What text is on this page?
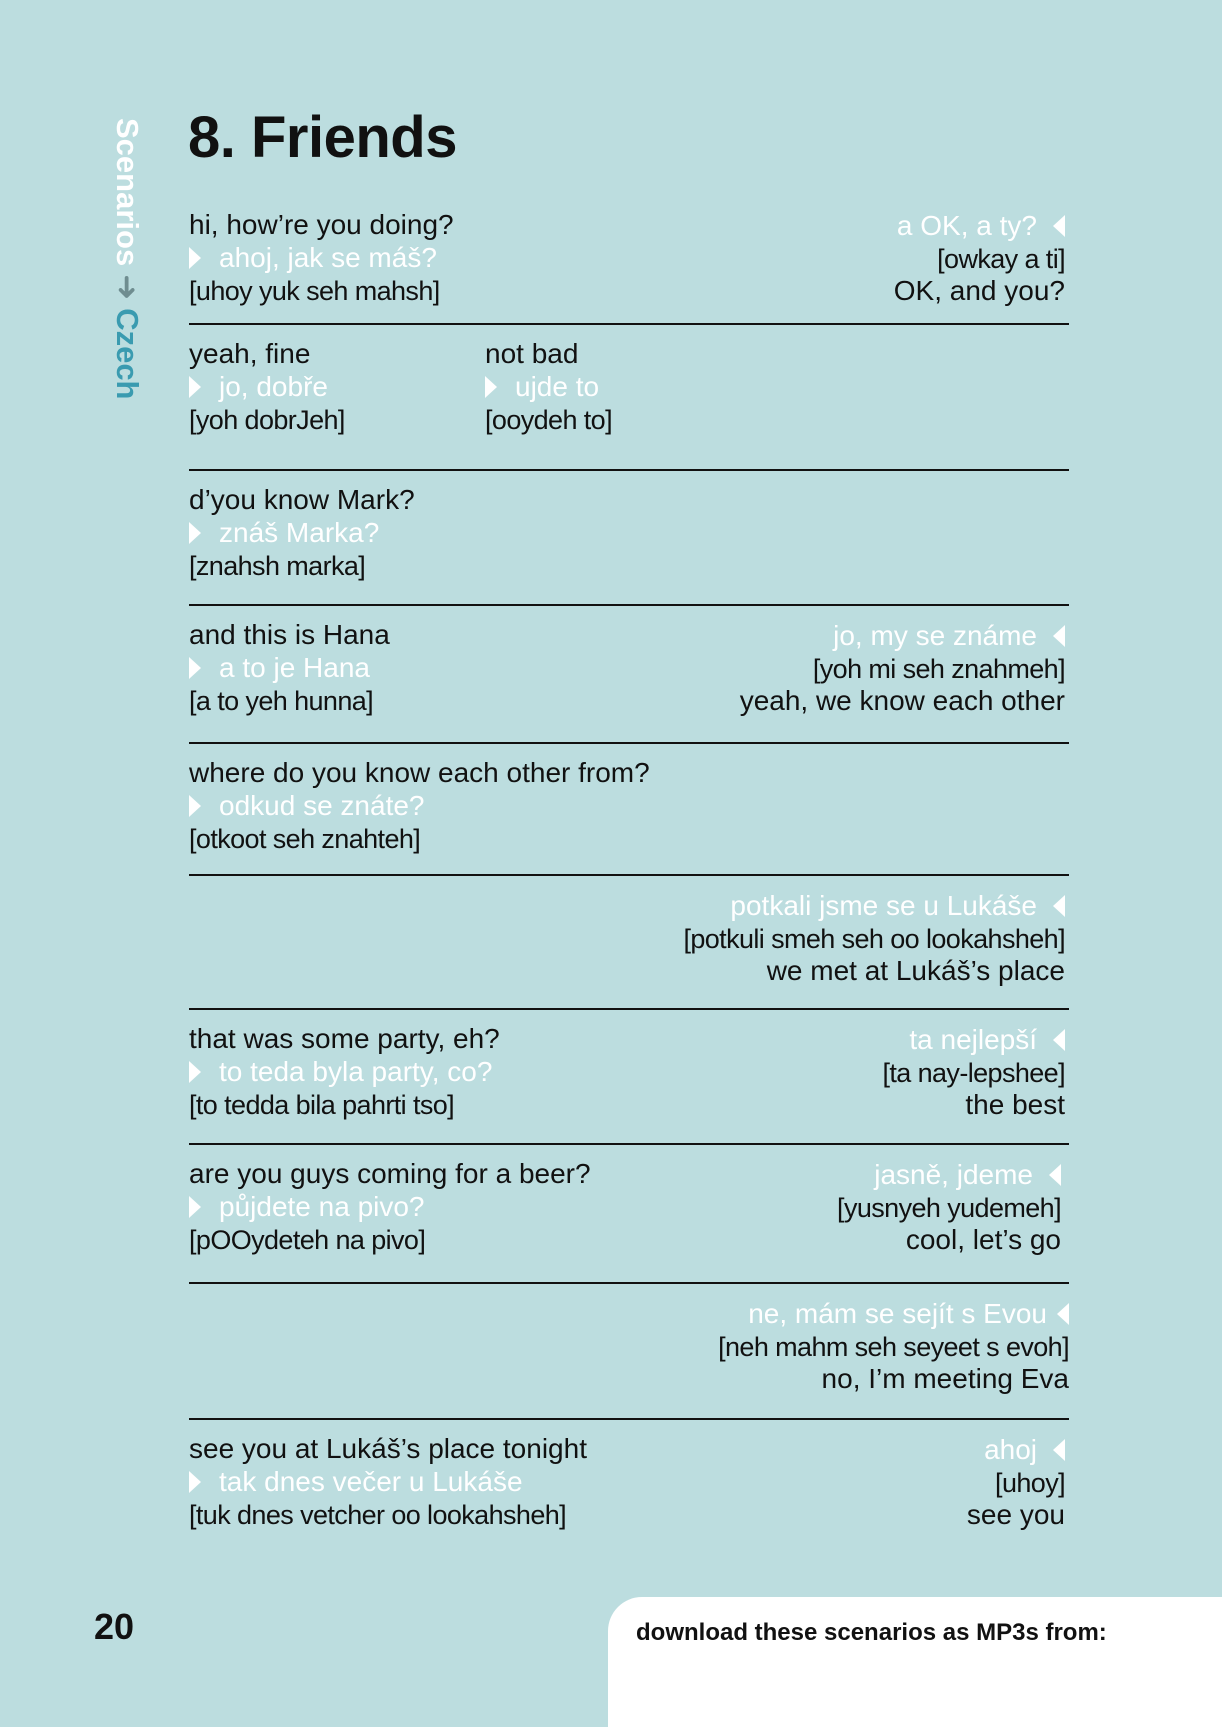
Scenarios➜Czech
8. Friends
hi, how’re you doing?
ahoj, jak se máš?
[uhoy yuk seh mahsh]
a OK, a ty?
[owkay a ti]
OK, and you?
yeah, fine
jo, dobře
[yoh dobrJeh]
not bad
ujde to
[ooydeh to]
d’you know Mark?
znáš Marka?
[znahsh marka]
and this is Hana
a to je Hana
[a to yeh hunna]
jo, my se známe
[yoh mi seh znahmeh]
yeah, we know each other
where do you know each other from?
odkud se znáte?
[otkoot seh znahteh]
potkali jsme se u Lukáše
[potkuli smeh seh oo lookahsheh]
we met at Lukáš’s place
that was some party, eh?
to teda byla party, co?
[to tedda bila pahrti tso]
ta nejlepší
[ta nay-lepshee]
the best
are you guys coming for a beer?
půjdete na pivo?
[pOOydeteh na pivo]
jasně, jdeme
[yusnyeh yudemeh]
cool, let’s go
ne, mám se sejít s Evou
[neh mahm seh seyeet s evoh]
no, I’m meeting Eva
see you at Lukáš’s place tonight
tak dnes večer u Lukáše
[tuk dnes vetcher oo lookahsheh]
ahoj
[uhoy]
see you
20	download these scenarios as MP3s from:
